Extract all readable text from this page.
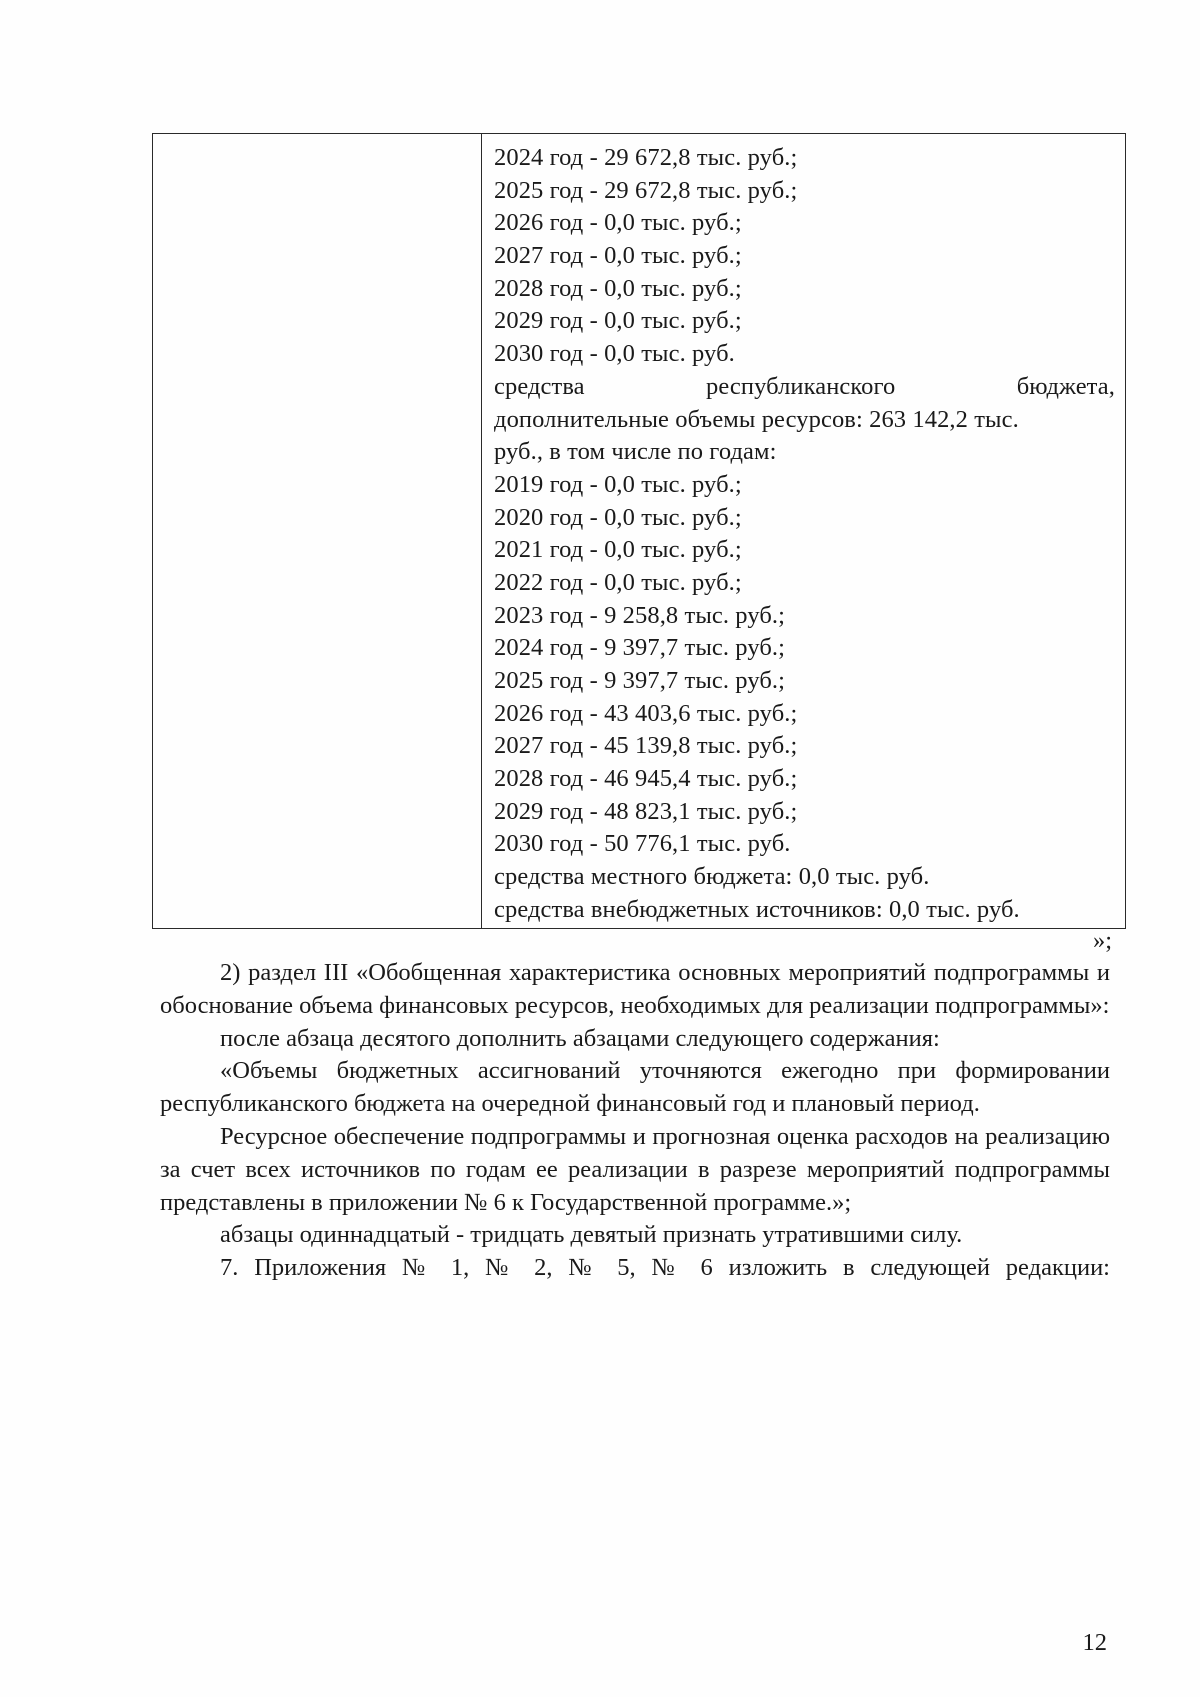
2024 год - 29 672,8 тыс. руб.;
2025 год - 29 672,8 тыс. руб.;
2026 год - 0,0 тыс. руб.;
2027 год - 0,0 тыс. руб.;
2028 год - 0,0 тыс. руб.;
2029 год - 0,0 тыс. руб.;
2030 год - 0,0 тыс. руб.
средства	республиканского	бюджета,
дополнительные объемы ресурсов: 263 142,2 тыс.
руб., в том числе по годам:
2019 год - 0,0 тыс. руб.;
2020 год - 0,0 тыс. руб.;
2021 год - 0,0 тыс. руб.;
2022 год - 0,0 тыс. руб.;
2023 год - 9 258,8 тыс. руб.;
2024 год - 9 397,7 тыс. руб.;
2025 год - 9 397,7 тыс. руб.;
2026 год - 43 403,6 тыс. руб.;
2027 год - 45 139,8 тыс. руб.;
2028 год - 46 945,4 тыс. руб.;
2029 год - 48 823,1 тыс. руб.;
2030 год - 50 776,1 тыс. руб.
средства местного бюджета: 0,0 тыс. руб.
средства внебюджетных источников: 0,0 тыс. руб.
»;

2) раздел III «Обобщенная характеристика основных мероприятий подпрограммы и обоснование объема финансовых ресурсов, необходимых для реализации подпрограммы»:

после абзаца десятого дополнить абзацами следующего содержания:

«Объемы бюджетных ассигнований уточняются ежегодно при формировании республиканского бюджета на очередной финансовый год и плановый период.

Ресурсное обеспечение подпрограммы и прогнозная оценка расходов на реализацию за счет всех источников по годам ее реализации в разрезе мероприятий подпрограммы представлены в приложении № 6 к Государственной программе.»;

абзацы одиннадцатый - тридцать девятый признать утратившими силу.

7. Приложения № 1, № 2, № 5, № 6 изложить в следующей редакции:

12
